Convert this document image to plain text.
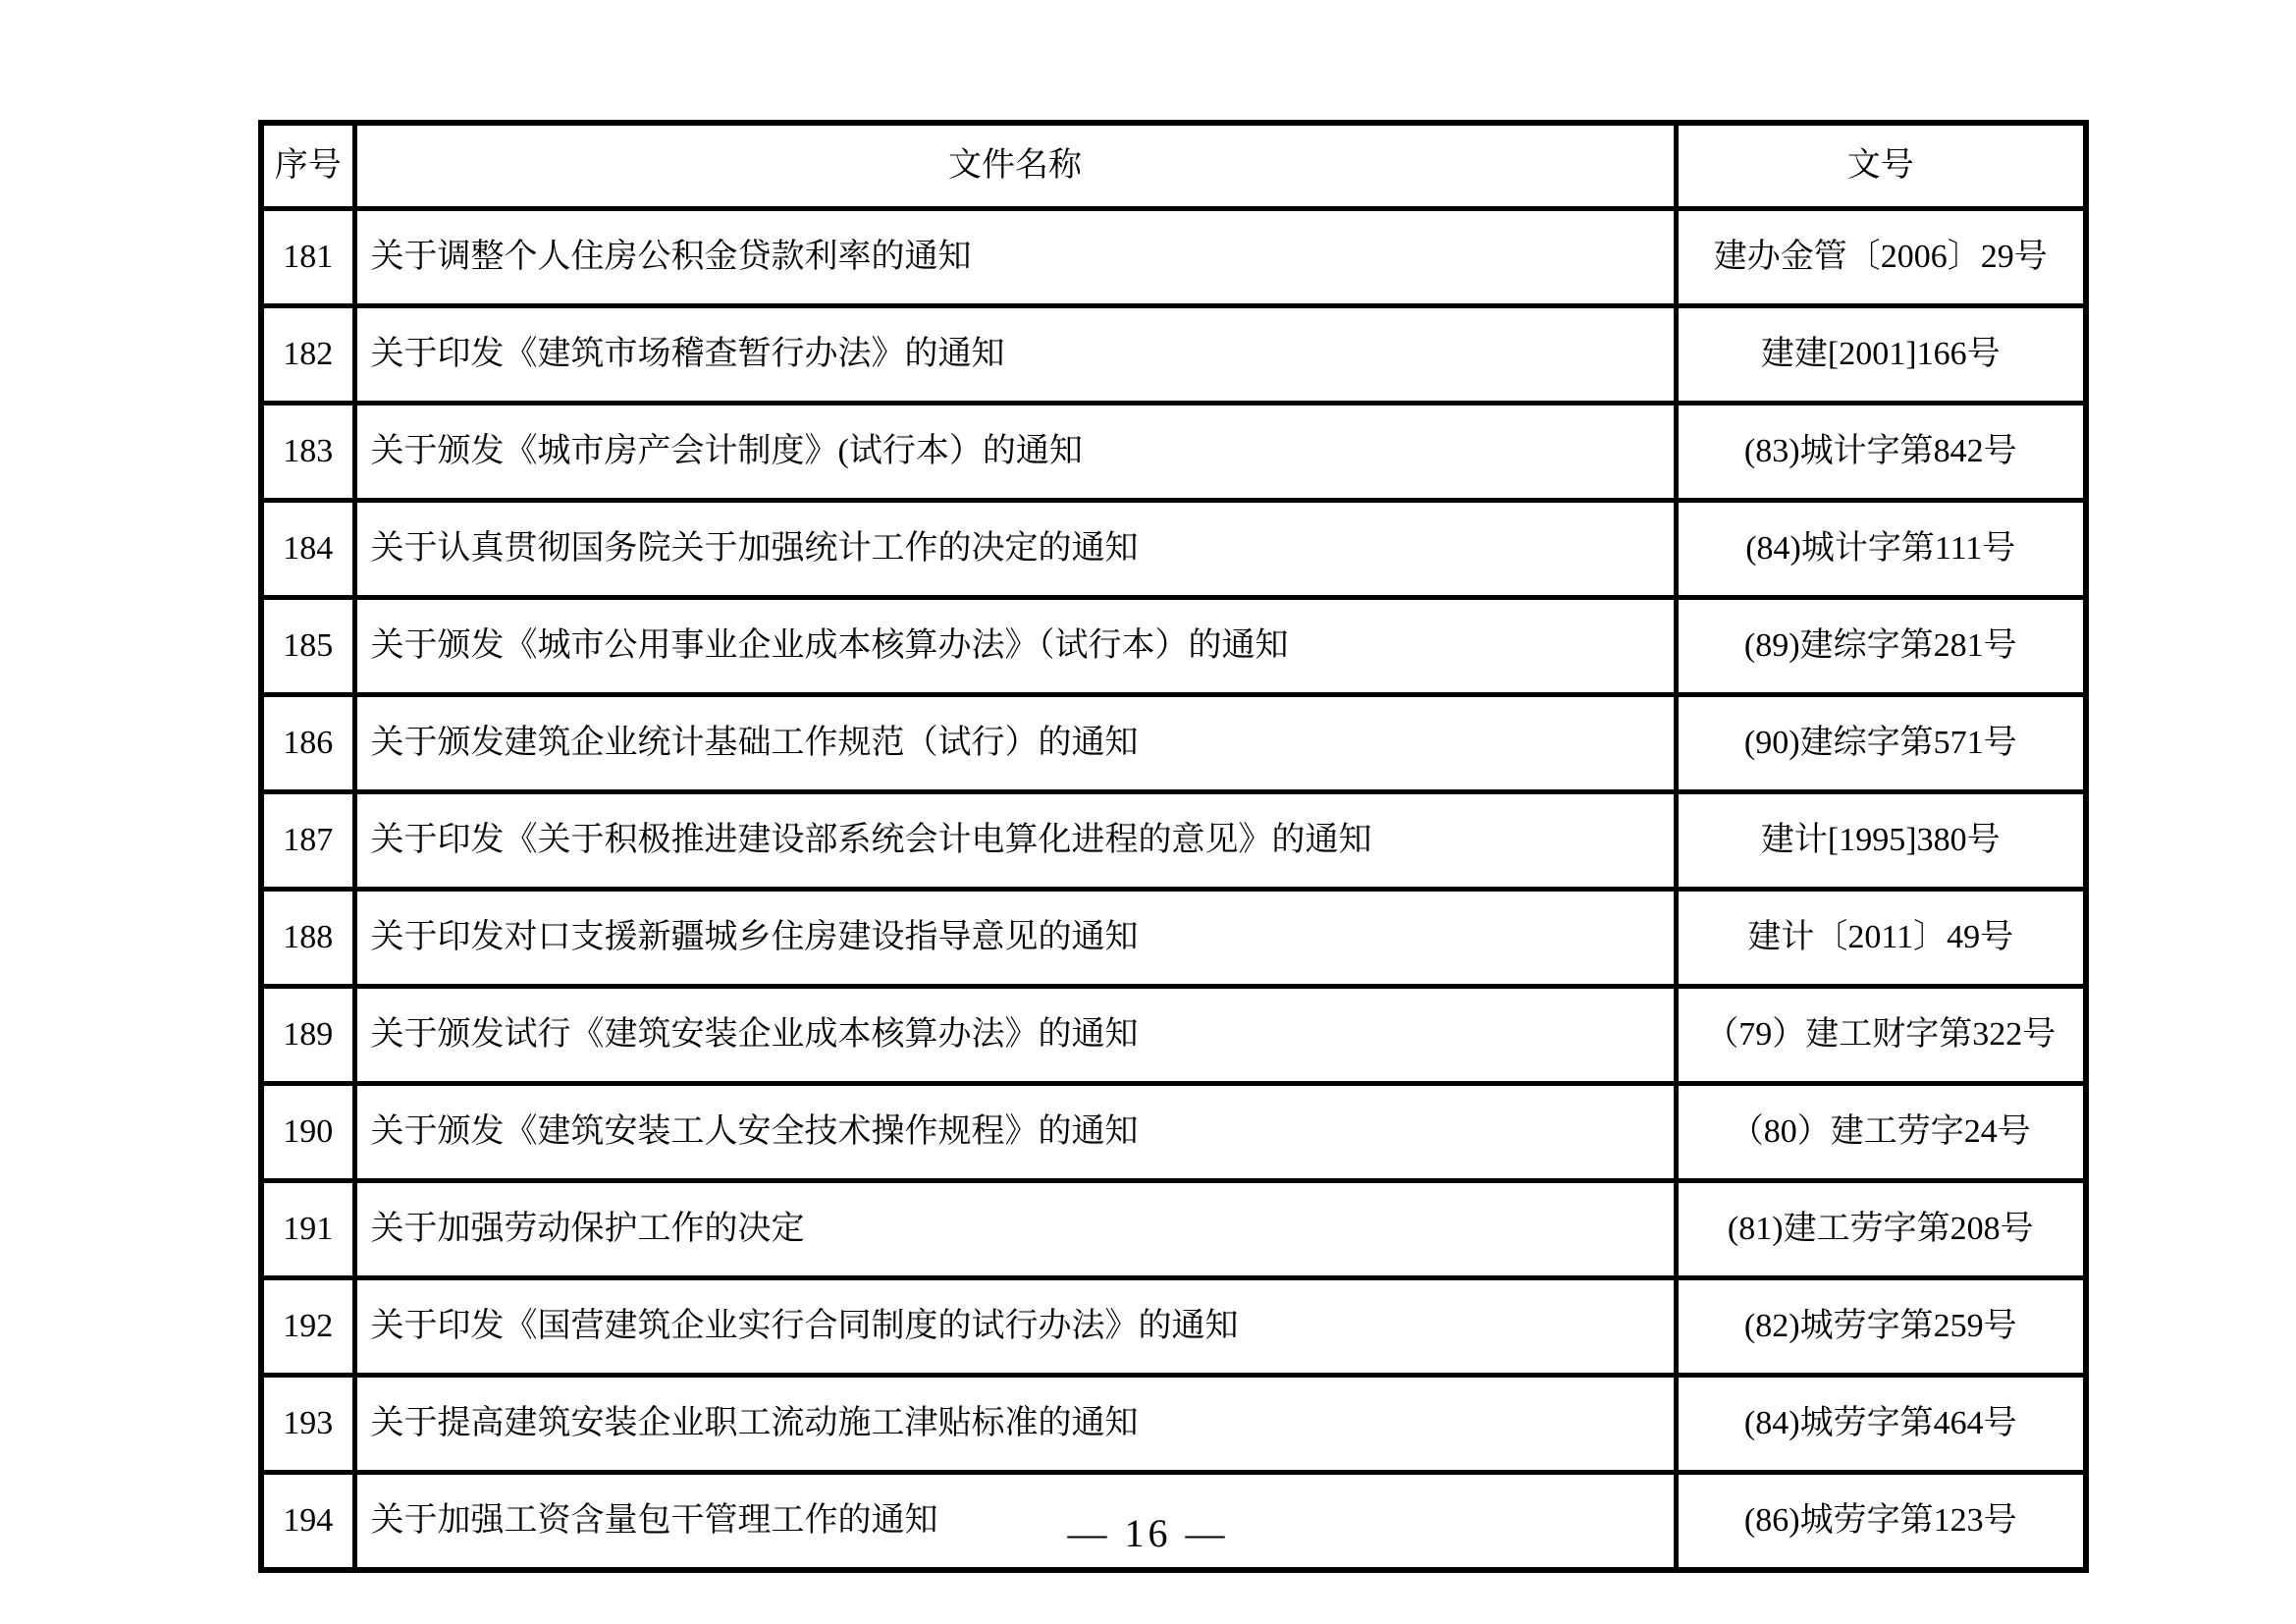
序号	文件名称	文号
181	关于调整个人住房公积金贷款利率的通知	建办金管〔2006〕29号
182	关于印发《建筑市场稽查暂行办法》的通知	建建[2001]166号
183	关于颁发《城市房产会计制度》(试行本）的通知	(83)城计字第842号
184	关于认真贯彻国务院关于加强统计工作的决定的通知	(84)城计字第111号
185	关于颁发《城市公用事业企业成本核算办法》（试行本）的通知	(89)建综字第281号
186	关于颁发建筑企业统计基础工作规范（试行）的通知	(90)建综字第571号
187	关于印发《关于积极推进建设部系统会计电算化进程的意见》的通知	建计[1995]380号
188	关于印发对口支援新疆城乡住房建设指导意见的通知	建计〔2011〕49号
189	关于颁发试行《建筑安装企业成本核算办法》的通知	（79）建工财字第322号
190	关于颁发《建筑安装工人安全技术操作规程》的通知	（80）建工劳字24号
191	关于加强劳动保护工作的决定	(81)建工劳字第208号
192	关于印发《国营建筑企业实行合同制度的试行办法》的通知	(82)城劳字第259号
193	关于提高建筑安装企业职工流动施工津贴标准的通知	(84)城劳字第464号
194	关于加强工资含量包干管理工作的通知	(86)城劳字第123号
— 16 —
